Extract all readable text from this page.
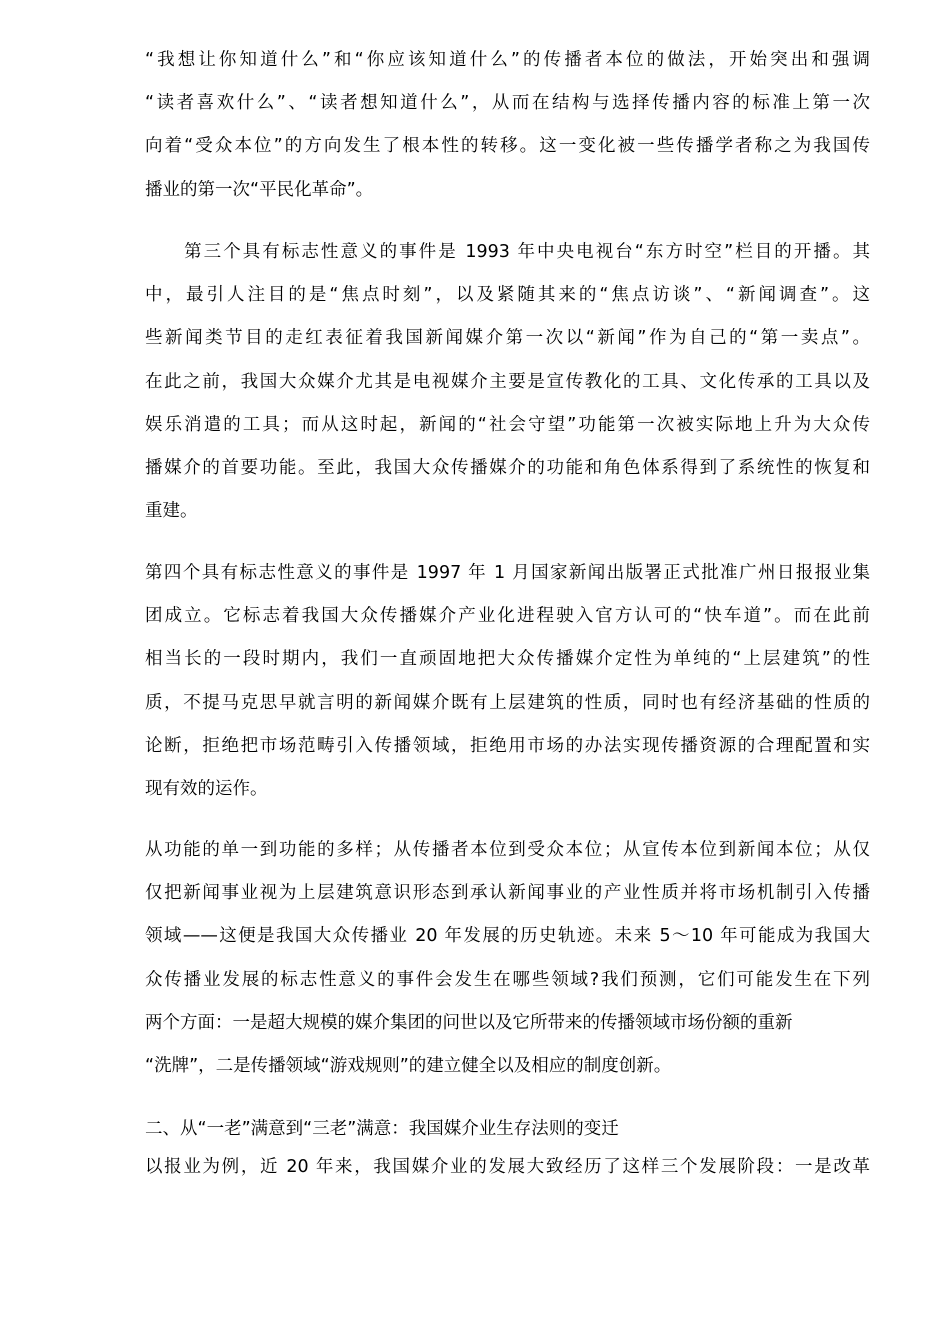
“我想让你知道什么”和“你应该知道什么”的传播者本位的做法，开始突出和强调
“读者喜欢什么”、“读者想知道什么”，从而在结构与选择传播内容的标准上第一次
向着“受众本位”的方向发生了根本性的转移。这一变化被一些传播学者称之为我国传
播业的第一次“平民化革命”。
　　第三个具有标志性意义的事件是 1993 年中央电视台“东方时空”栏目的开播。其
中，最引人注目的是“焦点时刻”，以及紧随其来的“焦点访谈”、“新闻调查”。这
些新闻类节目的走红表征着我国新闻媒介第一次以“新闻”作为自己的“第一卖点”。
在此之前，我国大众媒介尤其是电视媒介主要是宣传教化的工具、文化传承的工具以及
娱乐消遣的工具；而从这时起，新闻的“社会守望”功能第一次被实际地上升为大众传
播媒介的首要功能。至此，我国大众传播媒介的功能和角色体系得到了系统性的恢复和
重建。
第四个具有标志性意义的事件是 1997 年 1 月国家新闻出版署正式批准广州日报报业集
团成立。它标志着我国大众传播媒介产业化进程驶入官方认可的“快车道”。而在此前
相当长的一段时期内，我们一直顽固地把大众传播媒介定性为单纯的“上层建筑”的性
质，不提马克思早就言明的新闻媒介既有上层建筑的性质，同时也有经济基础的性质的
论断，拒绝把市场范畴引入传播领域，拒绝用市场的办法实现传播资源的合理配置和实
现有效的运作。
从功能的单一到功能的多样；从传播者本位到受众本位；从宣传本位到新闻本位；从仅
仅把新闻事业视为上层建筑意识形态到承认新闻事业的产业性质并将市场机制引入传播
领域——这便是我国大众传播业 20 年发展的历史轨迹。未来 5～10 年可能成为我国大
众传播业发展的标志性意义的事件会发生在哪些领域?我们预测，它们可能发生在下列
两个方面：一是超大规模的媒介集团的问世以及它所带来的传播领域市场份额的重新
“洗牌”，二是传播领域“游戏规则”的建立健全以及相应的制度创新。
二、从“一老”满意到“三老”满意：我国媒介业生存法则的变迁
以报业为例，近 20 年来，我国媒介业的发展大致经历了这样三个发展阶段：一是改革
